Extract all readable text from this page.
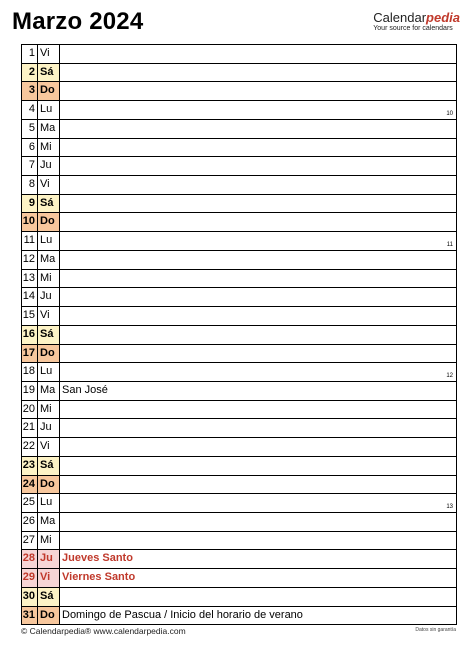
Marzo 2024	Calendarpedia
Your source for calendars
1 Vi
2 Sá
3 Do
4 Lu	10
5 Ma
6 Mi
7 Ju
8 Vi
9 Sá
10 Do
11 Lu	11
12 Ma
13 Mi
14 Ju
15 Vi
16 Sá
17 Do
18 Lu	12
19 Ma San José
20 Mi
21 Ju
22 Vi
23 Sá
24 Do
25 Lu	13
26 Ma
27 Mi
28 Ju Jueves Santo
29 Vi	Viernes Santo
30 Sá
31 Do Domingo de Pascua / Inicio del horario de verano
© Calendarpedia® www.calendarpedia.com	Datos sin garantía
